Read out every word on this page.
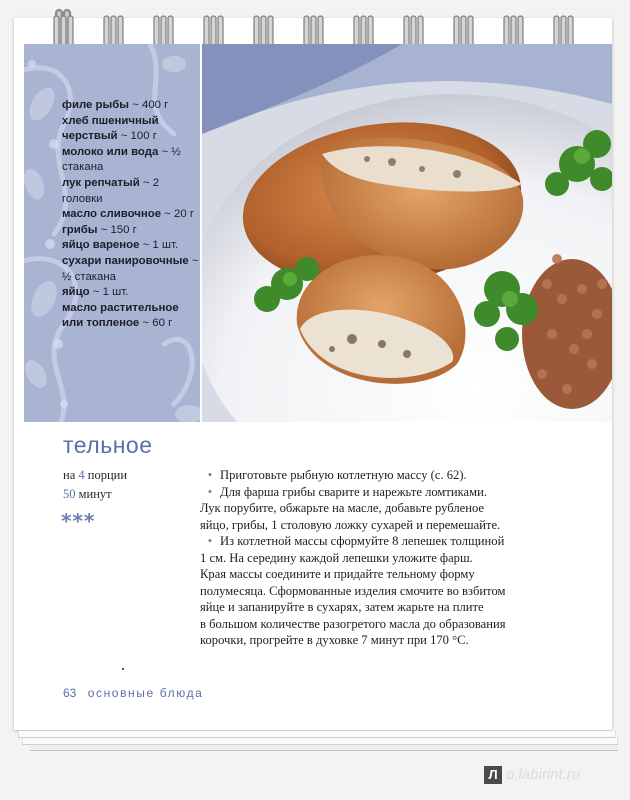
филе рыбы ~ 400 г
хлеб пшеничный черствый ~ 100 г
молоко или вода ~ ½ стакана
лук репчатый ~ 2 головки
масло сливочное ~ 20 г
грибы ~ 150 г
яйцо вареное ~ 1 шт.
сухари панировочные ~ ½ стакана
яйцо ~ 1 шт.
масло растительное или топленое ~ 60 г
тельное
на 4 порции
50 минут
***

• Приготовьте рыбную котлетную массу (с. 62).

• Для фарша грибы сварите и нарежьте ломтиками.

Лук порубите, обжарьте на масле, добавьте рубленое

яйцо, грибы, 1 столовую ложку сухарей и перемешайте.

• Из котлетной массы сформуйте 8 лепешек толщиной

1 см. На середину каждой лепешки уложите фарш.

Края массы соедините и придайте тельному форму

полумесяца. Сформованные изделия смочите во взбитом

яйце и запанируйте в сухарях, затем жарьте на плите

в большом количестве разогретого масла до образования

корочки, прогрейте в духовке 7 минут при 170 °С.

63 основные блюда
Л o.labirint.ru
